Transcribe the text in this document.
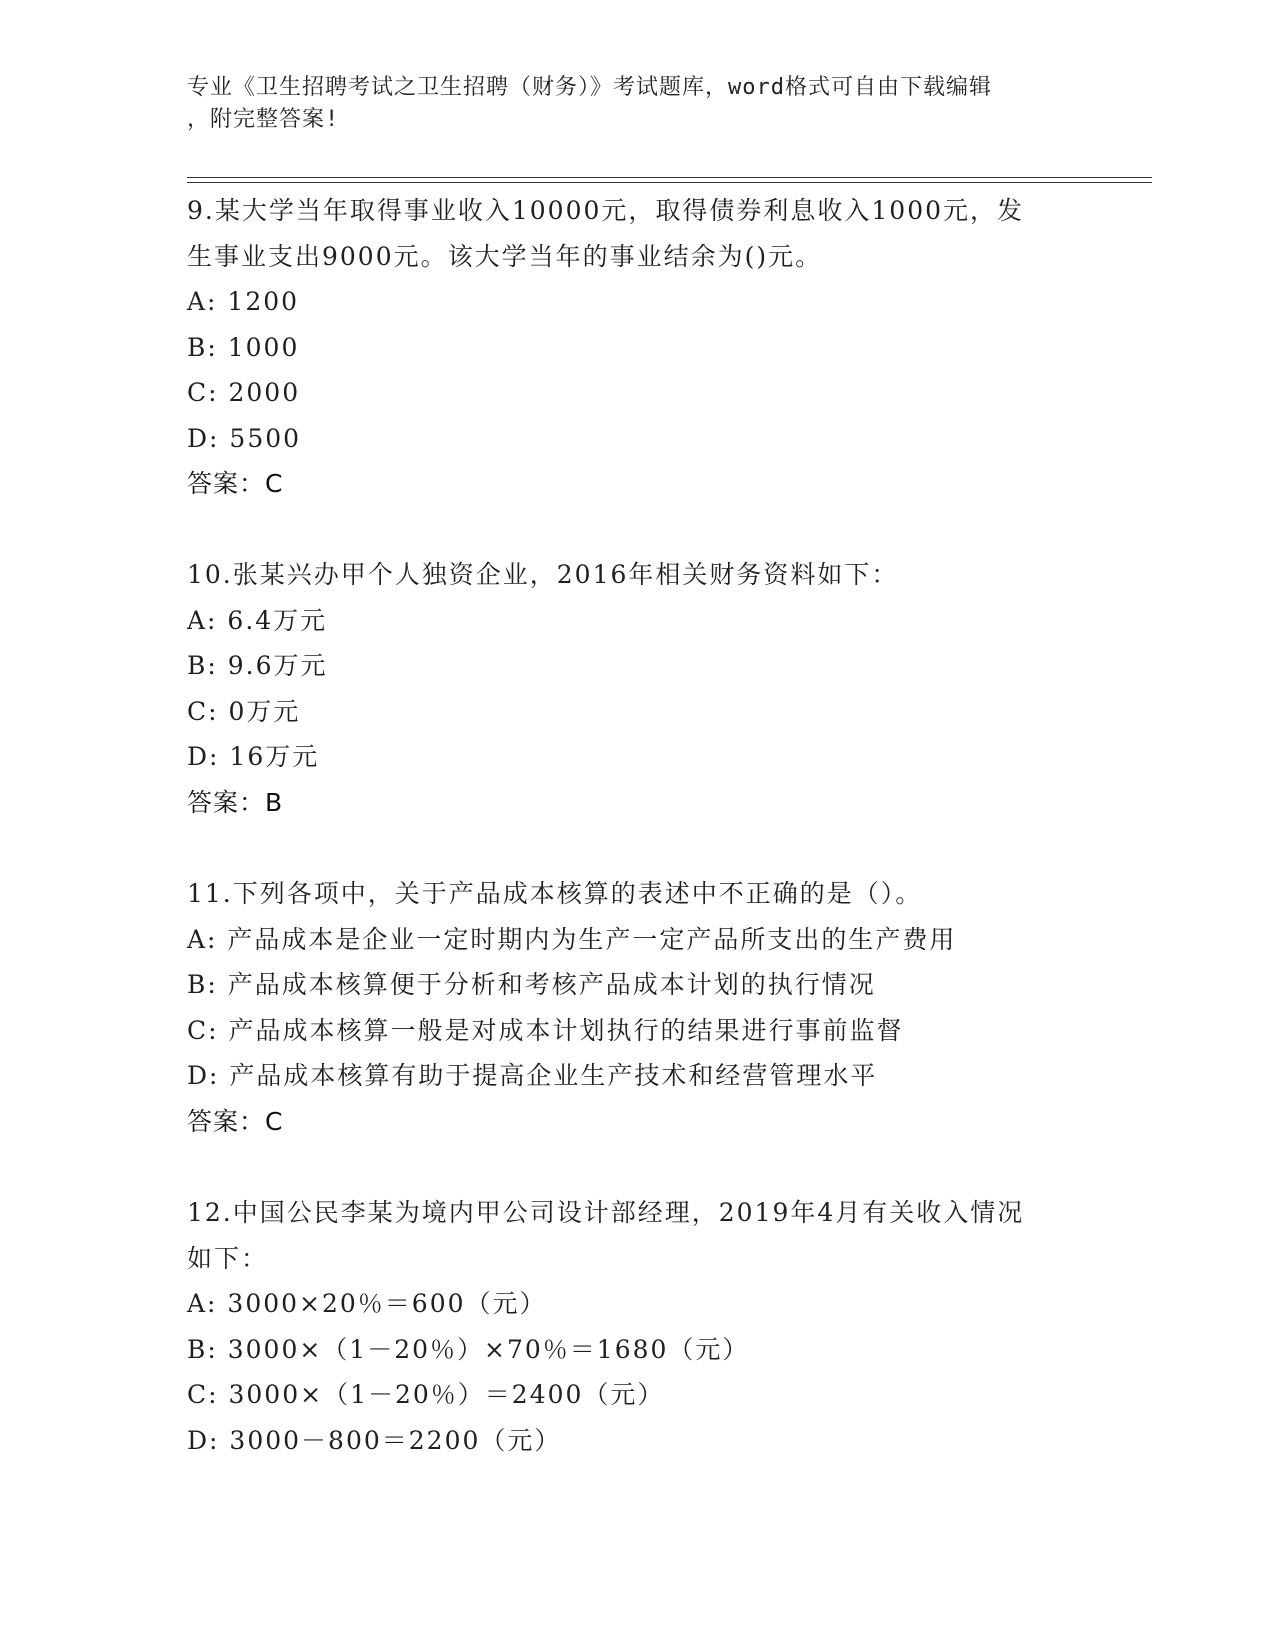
专业《卫生招聘考试之卫生招聘（财务）》考试题库，word格式可自由下载编辑
，附完整答案!
9.某大学当年取得事业收入10000元，取得债券利息收入1000元，发
生事业支出9000元。该大学当年的事业结余为()元。
A: 1200
B: 1000
C: 2000
D: 5500
答案：C
10.张某兴办甲个人独资企业，2016年相关财务资料如下：
A: 6.4万元
B: 9.6万元
C: 0万元
D: 16万元
答案：B
11.下列各项中，关于产品成本核算的表述中不正确的是（）。
A: 产品成本是企业一定时期内为生产一定产品所支出的生产费用
B: 产品成本核算便于分析和考核产品成本计划的执行情况
C: 产品成本核算一般是对成本计划执行的结果进行事前监督
D: 产品成本核算有助于提高企业生产技术和经营管理水平
答案：C
12.中国公民李某为境内甲公司设计部经理，2019年4月有关收入情况
如下：
A: 3000×20％＝600（元）
B: 3000×（1－20％）×70％＝1680（元）
C: 3000×（1－20％）＝2400（元）
D: 3000－800＝2200（元）
